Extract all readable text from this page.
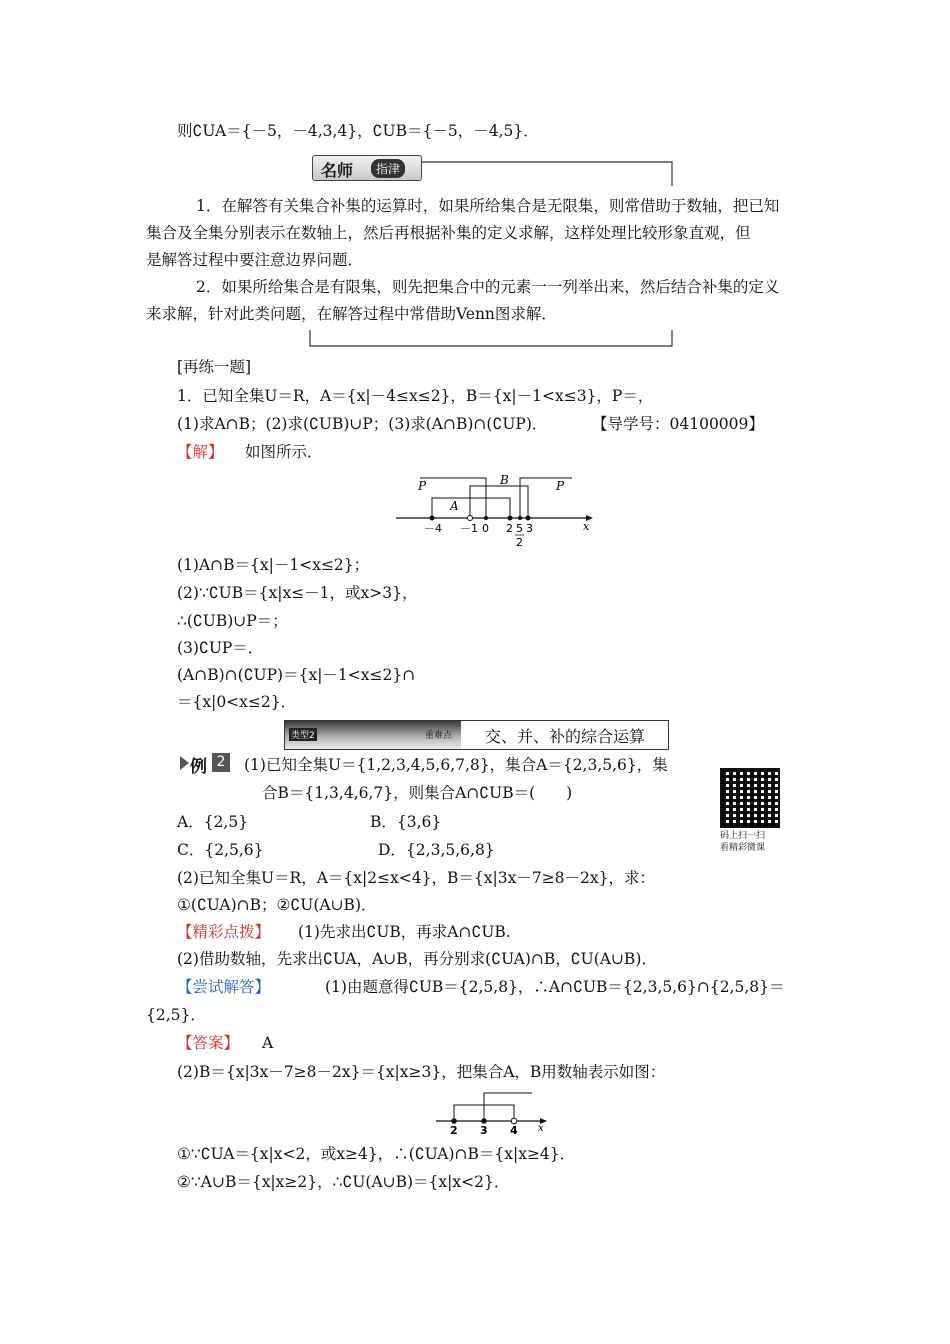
则∁UA＝{－5，－4,3,4}，∁UB＝{－5，－4,5}．
名师	指津
1．在解答有关集合补集的运算时，如果所给集合是无限集，则常借助于数轴，把已知
集合及全集分别表示在数轴上，然后再根据补集的定义求解，这样处理比较形象直观，但
是解答过程中要注意边界问题．
2．如果所给集合是有限集，则先把集合中的元素一一列举出来，然后结合补集的定义
来求解，针对此类问题，在解答过程中常借助Venn图求解．
[再练一题]
1．已知全集U＝R，A＝{x|－4≤x≤2}，B＝{x|－1<x≤3}，P＝，
(1)求A∩B；(2)求(∁UB)∪P；(3)求(A∩B)∩(∁UP)．	【导学号：04100009】
【解】 如图所示．
P
A
B	P
x
－4 －1 0 2 5
2
3
(1)A∩B＝{x|－1<x≤2}；
(2)∵∁UB＝{x|x≤－1，或x>3}，
∴(∁UB)∪P＝；
(3)∁UP＝．
(A∩B)∩(∁UP)＝{x|－1<x≤2}∩
＝{x|0<x≤2}．
类型2	重难点 交、并、补的综合运算
例 2 (1)已知全集U＝{1,2,3,4,5,6,7,8}，集合A＝{2,3,5,6}，集
合B＝{1,3,4,6,7}，则集合A∩∁UB＝(　　)
码上扫一扫
看精彩微课
A．{2,5}	B．{3,6}
C．{2,5,6}	D．{2,3,5,6,8}
(2)已知全集U＝R，A＝{x|2≤x<4}，B＝{x|3x－7≥8－2x}，求：
①(∁UA)∩B；②∁U(A∪B)．
【精彩点拨】 (1)先求出∁UB，再求A∩∁UB.
(2)借助数轴，先求出∁UA，A∪B，再分别求(∁UA)∩B，∁U(A∪B)．
【尝试解答】	(1)由题意得∁UB＝{2,5,8}，∴A∩∁UB＝{2,3,5,6}∩{2,5,8}＝
{2,5}．
【答案】 A
(2)B＝{x|3x－7≥8－2x}＝{x|x≥3}，把集合A，B用数轴表示如图：
2 3 4 x
①∵∁UA＝{x|x<2，或x≥4}，∴(∁UA)∩B＝{x|x≥4}．
②∵A∪B＝{x|x≥2}，∴∁U(A∪B)＝{x|x<2}．
